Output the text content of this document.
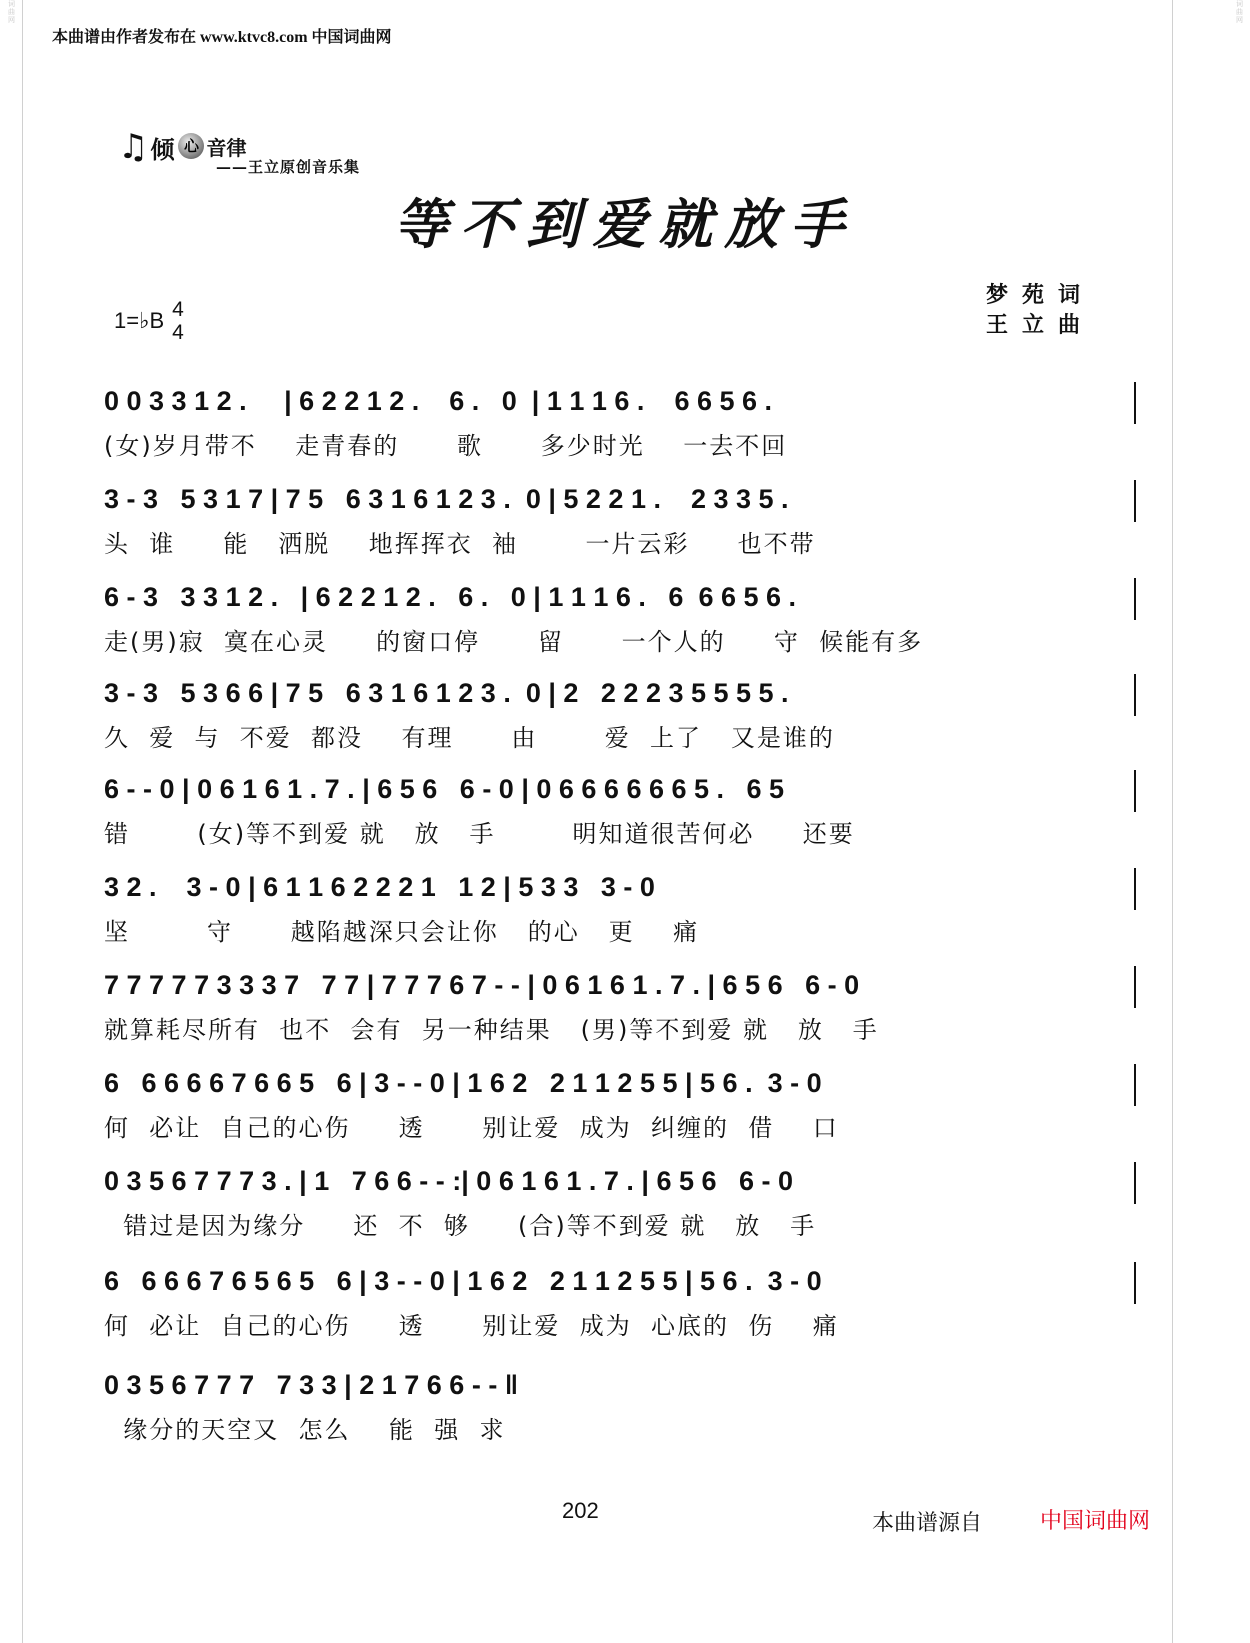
词曲网	词曲网
本曲谱由作者发布在 www.ktvc8.com 中国词曲网
♫ 倾 心 音律
——王立原创音乐集
等不到爱就放手
1=♭B 4
4
梦苑词
王立曲
0 0 3 3 1 2 .     | 6 2 2 1 2 .    6 .   0  | 1 1 1 6 .    6 6 5 6 .
(女)岁月带不    走青春的      歌      多少时光    一去不回
3 - 3   5 3 1 7 | 7 5   6 3 1 6 1 2 3 .  0 | 5 2 2 1 .    2 3 3 5 .
头  谁     能   洒脱    地挥挥衣  袖       一片云彩     也不带
6 - 3   3 3 1 2 .   | 6 2 2 1 2 .   6 .   0 | 1 1 1 6 .   6  6 6 5 6 .
走(男)寂  寞在心灵     的窗口停      留      一个人的     守  候能有多
3 - 3   5 3 6 6 | 7 5   6 3 1 6 1 2 3 .  0 | 2   2 2 2 3 5 5 5 5 .
久  爱  与  不爱  都没    有理      由       爱  上了   又是谁的
6 - - 0 | 0 6 1 6 1 . 7 . | 6 5 6   6 - 0 | 0 6 6 6 6 6 6 5 .   6 5
错       (女)等不到爱 就   放   手        明知道很苦何必     还要
3 2 .    3 - 0 | 6 1 1 6 2 2 2 1   1 2 | 5 3 3   3 - 0
坚        守      越陷越深只会让你   的心   更    痛
7 7 7 7 7 3 3 3 7   7 7 | 7 7 7 6 7 - - | 0 6 1 6 1 . 7 . | 6 5 6   6 - 0
就算耗尽所有  也不  会有  另一种结果   (男)等不到爱 就   放   手
6   6 6 6 6 7 6 6 5   6 | 3 - - 0 | 1 6 2   2 1 1 2 5 5 | 5 6 .  3 - 0
何  必让  自己的心伤     透      别让爱  成为  纠缠的  借    口
0 3 5 6 7 7 7 3 . | 1   7 6 6 - - :| 0 6 1 6 1 . 7 . | 6 5 6   6 - 0
错过是因为缘分     还  不  够     (合)等不到爱 就   放   手
6   6 6 6 7 6 5 6 5   6 | 3 - - 0 | 1 6 2   2 1 1 2 5 5 | 5 6 .  3 - 0
何  必让  自己的心伤     透      别让爱  成为  心底的  伤    痛
0 3 5 6 7 7 7   7 3 3 | 2 1 7 6 6 - - ‖
缘分的天空又  怎么    能  强  求
202
本曲谱源自	中国词曲网
